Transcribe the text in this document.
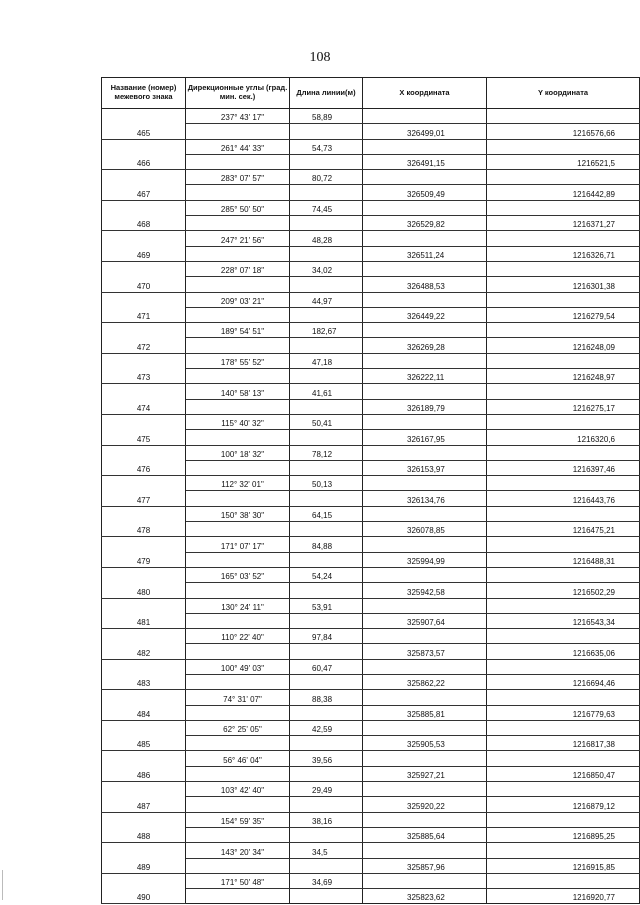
108
Название (номер) межевого знака	Дирекционные углы (град. мин. сек.)	Длина линии(м)	X координата	Y координата
	237° 43' 17"	58,89		
465			326499,01	1216576,66
	261° 44' 33"	54,73		
466			326491,15	1216521,5
	283° 07' 57"	80,72		
467			326509,49	1216442,89
	285° 50' 50"	74,45		
468			326529,82	1216371,27
	247° 21' 56"	48,28		
469			326511,24	1216326,71
	228° 07' 18"	34,02		
470			326488,53	1216301,38
	209° 03' 21"	44,97		
471			326449,22	1216279,54
	189° 54' 51"	182,67		
472			326269,28	1216248,09
	178° 55' 52"	47,18		
473			326222,11	1216248,97
	140° 58' 13"	41,61		
474			326189,79	1216275,17
	115° 40' 32"	50,41		
475			326167,95	1216320,6
	100° 18' 32"	78,12		
476			326153,97	1216397,46
	112° 32' 01"	50,13		
477			326134,76	1216443,76
	150° 38' 30"	64,15		
478			326078,85	1216475,21
	171° 07' 17"	84,88		
479			325994,99	1216488,31
	165° 03' 52"	54,24		
480			325942,58	1216502,29
	130° 24' 11"	53,91		
481			325907,64	1216543,34
	110° 22' 40"	97,84		
482			325873,57	1216635,06
	100° 49' 03"	60,47		
483			325862,22	1216694,46
	74° 31' 07"	88,38		
484			325885,81	1216779,63
	62° 25' 05"	42,59		
485			325905,53	1216817,38
	56° 46' 04"	39,56		
486			325927,21	1216850,47
	103° 42' 40"	29,49		
487			325920,22	1216879,12
	154° 59' 35"	38,16		
488			325885,64	1216895,25
	143° 20' 34"	34,5		
489			325857,96	1216915,85
	171° 50' 48"	34,69		
490			325823,62	1216920,77
